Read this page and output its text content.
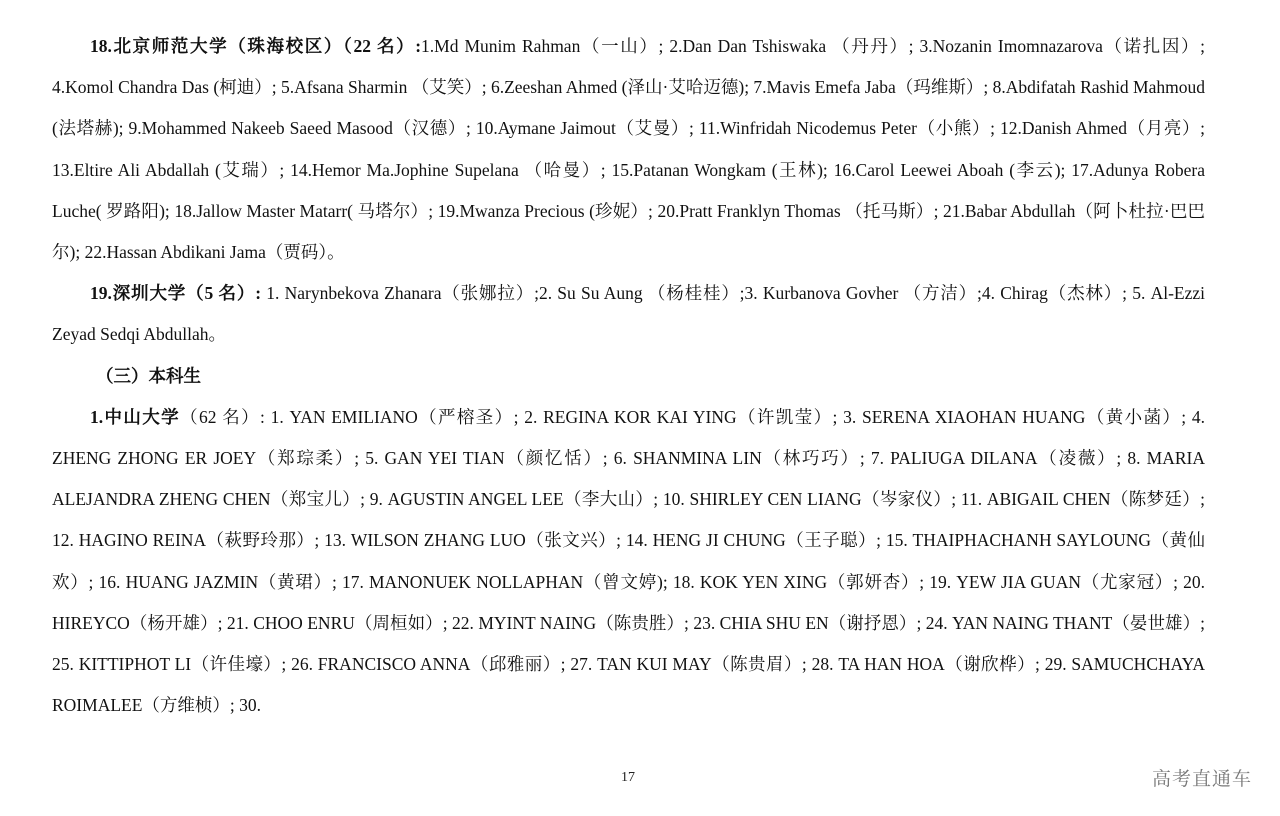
18.北京师范大学（珠海校区）（22 名）:1.Md Munim Rahman（一山）; 2.Dan Dan Tshiswaka （丹丹）; 3.Nozanin Imomnazarova（诺扎因）; 4.Komol Chandra Das (柯迪）; 5.Afsana Sharmin （艾笑）; 6.Zeeshan Ahmed (泽山·艾哈迈德); 7.Mavis Emefa Jaba（玛维斯）; 8.Abdifatah Rashid Mahmoud (法塔赫); 9.Mohammed Nakeeb Saeed Masood（汉德）; 10.Aymane Jaimout（艾曼）; 11.Winfridah Nicodemus Peter（小熊）; 12.Danish Ahmed（月亮）; 13.Eltire Ali Abdallah (艾瑞）; 14.Hemor Ma.Jophine Supelana （哈曼）; 15.Patanan Wongkam (王林); 16.Carol Leewei Aboah (李云); 17.Adunya Robera Luche( 罗路阳); 18.Jallow Master Matarr( 马塔尔）; 19.Mwanza Precious (珍妮）; 20.Pratt Franklyn Thomas （托马斯）; 21.Babar Abdullah（阿卜杜拉·巴巴尔); 22.Hassan Abdikani Jama（贾码）。

19.深圳大学（5 名）: 1. Narynbekova Zhanara（张娜拉）;2. Su Su Aung （杨桂桂）;3. Kurbanova Govher （方洁）;4. Chirag（杰林）; 5. Al-Ezzi Zeyad Sedqi Abdullah。

（三）本科生

1.中山大学（62 名）: 1. YAN EMILIANO（严榕圣）; 2. REGINA KOR KAI YING（许凯莹）; 3. SERENA XIAOHAN HUANG（黄小菡）; 4. ZHENG ZHONG ER JOEY（郑琮柔）; 5. GAN YEI TIAN（颜忆恬）; 6. SHANMINA LIN（林巧巧）; 7. PALIUGA DILANA（凌薇）; 8. MARIA ALEJANDRA ZHENG CHEN（郑宝儿）; 9. AGUSTIN ANGEL LEE（李大山）; 10. SHIRLEY CEN LIANG（岑家仪）; 11. ABIGAIL CHEN（陈梦廷）; 12. HAGINO REINA（萩野玲那）; 13. WILSON ZHANG LUO（张文兴）; 14. HENG JI CHUNG（王子聪）; 15. THAIPHACHANH SAYLOUNG（黄仙欢）; 16. HUANG JAZMIN（黄珺）; 17. MANONUEK NOLLAPHAN（曾文婷); 18. KOK YEN XING（郭妍杏）; 19. YEW JIA GUAN（尤家冠）; 20. HIREYCO（杨开雄）; 21. CHOO ENRU（周桓如）; 22. MYINT NAING（陈贵胜）; 23. CHIA SHU EN（谢抒恩）; 24. YAN NAING THANT（晏世雄）; 25. KITTIPHOT LI（许佳壕）; 26. FRANCISCO ANNA（邱雅丽）; 27. TAN KUI MAY（陈贵眉）; 28. TA HAN HOA（谢欣桦）; 29. SAMUCHCHAYA ROIMALEE（方维桢）; 30.

17	高考直通车
